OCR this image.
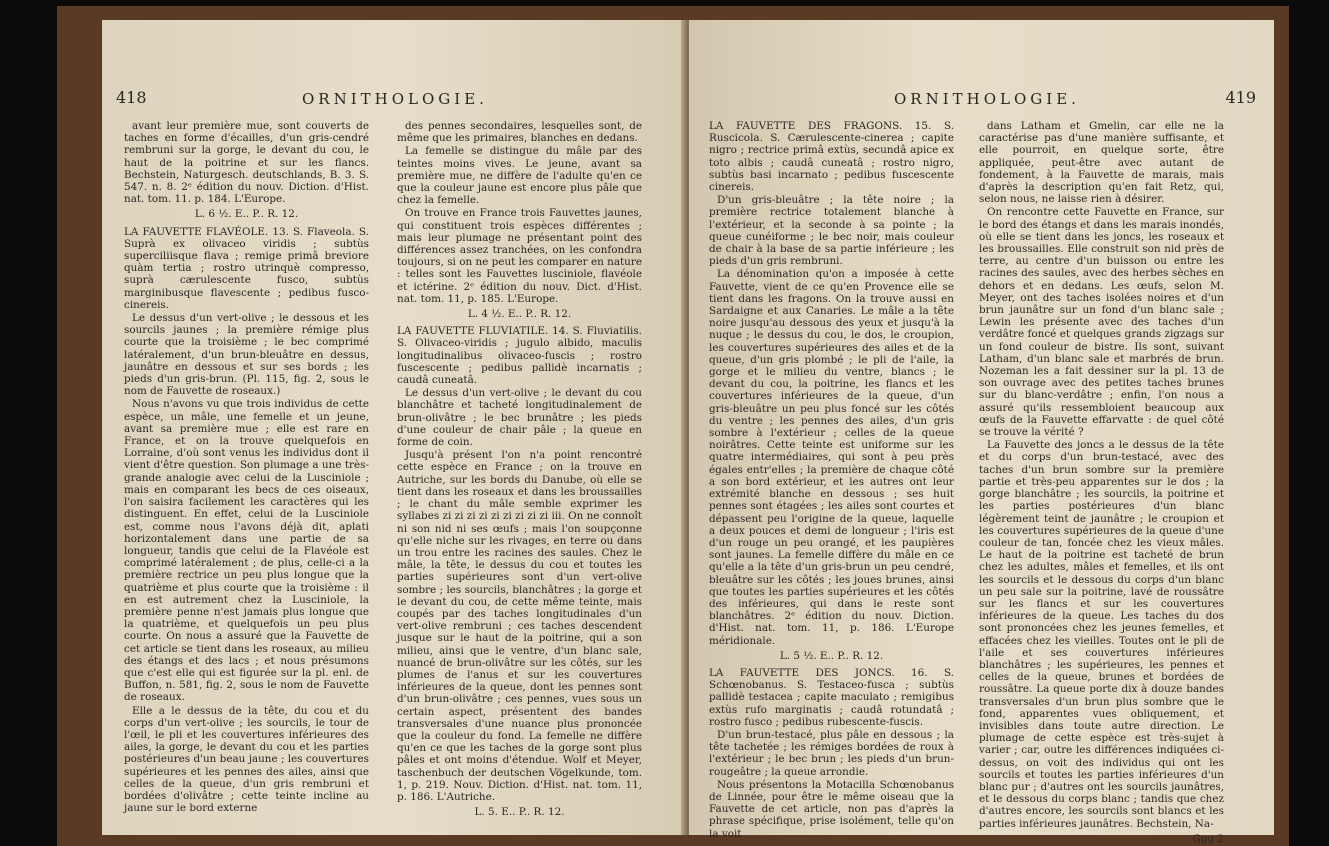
418	ORNITHOLOGIE.

avant leur première mue, sont couverts de taches en forme d'écailles, d'un gris-cendré rembruni sur la gorge, le devant du cou, le haut de la poitrine et sur les flancs. Bechstein, Naturgesch. deutschlands, B. 3. S. 547. n. 8. 2ᵉ édition du nouv. Diction. d'Hist. nat. tom. 11. p. 184. L'Europe.

L. 6 ½. E.. P.. R. 12.

LA FAUVETTE FLAVÉOLE. 13. S. Flaveola. S. Suprà ex olivaceo viridis ; subtùs superciliisque flava ; remige primâ breviore quàm tertia ; rostro utrinquè compresso, suprà cærulescente fusco, subtùs marginibusque flavescente ; pedibus fusco-cinereis.

Le dessus d'un vert-olive ; le dessous et les sourcils jaunes ; la première rémige plus courte que la troisième ; le bec comprimé latéralement, d'un brun-bleuâtre en dessus, jaunâtre en dessous et sur ses bords ; les pieds d'un gris-brun. (Pl. 115, fig. 2, sous le nom de Fauvette de roseaux.)

Nous n'avons vu que trois individus de cette espèce, un mâle, une femelle et un jeune, avant sa première mue ; elle est rare en France, et on la trouve quelquefois en Lorraine, d'où sont venus les individus dont il vient d'être question. Son plumage a une très-grande analogie avec celui de la Lusciniole ; mais en comparant les becs de ces oiseaux, l'on saisira facilement les caractères qui les distinguent. En effet, celui de la Lusciniole est, comme nous l'avons déjà dit, aplati horizontalement dans une partie de sa longueur, tandis que celui de la Flavéole est comprimé latéralement ; de plus, celle-ci a la première rectrice un peu plus longue que la quatrième et plus courte que la troisième : il en est autrement chez la Lusciniole, la première penne n'est jamais plus longue que la quatrième, et quelquefois un peu plus courte. On nous a assuré que la Fauvette de cet article se tient dans les roseaux, au milieu des étangs et des lacs ; et nous présumons que c'est elle qui est figurée sur la pl. enl. de Buffon, n. 581, fig. 2, sous le nom de Fauvette de roseaux.

Elle a le dessus de la tête, du cou et du corps d'un vert-olive ; les sourcils, le tour de l'œil, le pli et les couvertures inférieures des ailes, la gorge, le devant du cou et les parties postérieures d'un beau jaune ; les couvertures supérieures et les pennes des ailes, ainsi que celles de la queue, d'un gris rembruni et bordées d'olivâtre ; cette teinte incline au jaune sur le bord externe

des pennes secondaires, lesquelles sont, de même que les primaires, blanches en dedans.

La femelle se distingue du mâle par des teintes moins vives. Le jeune, avant sa première mue, ne diffère de l'adulte qu'en ce que la couleur jaune est encore plus pâle que chez la femelle.

On trouve en France trois Fauvettes jaunes, qui constituent trois espèces différentes ; mais leur plumage ne présentant point des différences assez tranchées, on les confondra toujours, si on ne peut les comparer en nature : telles sont les Fauvettes lusciniole, flavéole et ictérine. 2ᵉ édition du nouv. Dict. d'Hist. nat. tom. 11, p. 185. L'Europe.

L. 4 ½. E.. P.. R. 12.

LA FAUVETTE FLUVIATILE. 14. S. Fluviatilis. S. Olivaceo-viridis ; jugulo albido, maculis longitudinalibus olivaceo-fuscis ; rostro fuscescente ; pedibus pallidè incarnatis ; caudâ cuneatâ.

Le dessus d'un vert-olive ; le devant du cou blanchâtre et tacheté longitudinalement de brun-olivâtre ; le bec brunâtre ; les pieds d'une couleur de chair pâle ; la queue en forme de coin.

Jusqu'à présent l'on n'a point rencontré cette espèce en France ; on la trouve en Autriche, sur les bords du Danube, où elle se tient dans les roseaux et dans les broussailles ; le chant du mâle semble exprimer les syllabes zi zi zi zi zi zi zi zi zi iii. On ne connoît ni son nid ni ses œufs ; mais l'on soupçonne qu'elle niche sur les rivages, en terre ou dans un trou entre les racines des saules. Chez le mâle, la tête, le dessus du cou et toutes les parties supérieures sont d'un vert-olive sombre ; les sourcils, blanchâtres ; la gorge et le devant du cou, de cette même teinte, mais coupés par des taches longitudinales d'un vert-olive rembruni ; ces taches descendent jusque sur le haut de la poitrine, qui a son milieu, ainsi que le ventre, d'un blanc sale, nuancé de brun-olivâtre sur les côtés, sur les plumes de l'anus et sur les couvertures inférieures de la queue, dont les pennes sont d'un brun-olivâtre ; ces pennes, vues sous un certain aspect, présentent des bandes transversales d'une nuance plus prononcée que la couleur du fond. La femelle ne diffère qu'en ce que les taches de la gorge sont plus pâles et ont moins d'étendue. Wolf et Meyer, taschenbuch der deutschen Vögelkunde, tom. 1, p. 219. Nouv. Diction. d'Hist. nat. tom. 11, p. 186. L'Autriche.

L. 5. E.. P.. R. 12.

ORNITHOLOGIE.	419

LA FAUVETTE DES FRAGONS. 15. S. Ruscicola. S. Cærulescente-cinerea ; capite nigro ; rectrice primâ extùs, secundâ apice ex toto albis ; caudâ cuneatâ ; rostro nigro, subtùs basi incarnato ; pedibus fuscescente cinereis.

D'un gris-bleuâtre ; la tête noire ; la première rectrice totalement blanche à l'extérieur, et la seconde à sa pointe ; la queue cunéiforme ; le bec noir, mais couleur de chair à la base de sa partie inférieure ; les pieds d'un gris rembruni.

La dénomination qu'on a imposée à cette Fauvette, vient de ce qu'en Provence elle se tient dans les fragons. On la trouve aussi en Sardaigne et aux Canaries. Le mâle a la tête noire jusqu'au dessous des yeux et jusqu'à la nuque ; le dessus du cou, le dos, le croupion, les couvertures supérieures des ailes et de la queue, d'un gris plombé ; le pli de l'aile, la gorge et le milieu du ventre, blancs ; le devant du cou, la poitrine, les flancs et les couvertures inférieures de la queue, d'un gris-bleuâtre un peu plus foncé sur les côtés du ventre ; les pennes des ailes, d'un gris sombre à l'extérieur ; celles de la queue noirâtres. Cette teinte est uniforme sur les quatre intermédiaires, qui sont à peu près égales entr'elles ; la première de chaque côté a son bord extérieur, et les autres ont leur extrémité blanche en dessous ; ses huit pennes sont étagées ; les ailes sont courtes et dépassent peu l'origine de la queue, laquelle a deux pouces et demi de longueur ; l'iris est d'un rouge un peu orangé, et les paupières sont jaunes. La femelle diffère du mâle en ce qu'elle a la tête d'un gris-brun un peu cendré, bleuâtre sur les côtés ; les joues brunes, ainsi que toutes les parties supérieures et les côtés des inférieures, qui dans le reste sont blanchâtres. 2ᵉ édition du nouv. Diction. d'Hist. nat. tom. 11, p. 186. L'Europe méridionale.

L. 5 ½. E.. P.. R. 12.

LA FAUVETTE DES JONCS. 16. S. Schœnobanus. S. Testaceo-fusca ; subtùs pallidè testacea ; capite maculato ; remigibus extùs rufo marginatis ; caudâ rotundatâ ; rostro fusco ; pedibus rubescente-fuscis.

D'un brun-testacé, plus pâle en dessous ; la tête tachetée ; les rémiges bordées de roux à l'extérieur ; le bec brun ; les pieds d'un brun-rougeâtre ; la queue arrondie.

Nous présentons la Motacilla Schœnobanus de Linnée, pour être le même oiseau que la Fauvette de cet article, non pas d'après la phrase spécifique, prise isolément, telle qu'on la voit

dans Latham et Gmelin, car elle ne la caractérise pas d'une manière suffisante, et elle pourroit, en quelque sorte, être appliquée, peut-être avec autant de fondement, à la Fauvette de marais, mais d'après la description qu'en fait Retz, qui, selon nous, ne laisse rien à désirer.

On rencontre cette Fauvette en France, sur le bord des étangs et dans les marais inondés, où elle se tient dans les joncs, les roseaux et les broussailles. Elle construit son nid près de terre, au centre d'un buisson ou entre les racines des saules, avec des herbes sèches en dehors et en dedans. Les œufs, selon M. Meyer, ont des taches isolées noires et d'un brun jaunâtre sur un fond d'un blanc sale ; Lewin les présente avec des taches d'un verdâtre foncé et quelques grands zigzags sur un fond couleur de bistre. Ils sont, suivant Latham, d'un blanc sale et marbrés de brun. Nozeman les a fait dessiner sur la pl. 13 de son ouvrage avec des petites taches brunes sur du blanc-verdâtre ; enfin, l'on nous a assuré qu'ils ressembloient beaucoup aux œufs de la Fauvette effarvatte : de quel côté se trouve la vérité ?

La Fauvette des joncs a le dessus de la tête et du corps d'un brun-testacé, avec des taches d'un brun sombre sur la première partie et très-peu apparentes sur le dos ; la gorge blanchâtre ; les sourcils, la poitrine et les parties postérieures d'un blanc légèrement teint de jaunâtre ; le croupion et les couvertures supérieures de la queue d'une couleur de tan, foncée chez les vieux mâles. Le haut de la poitrine est tacheté de brun chez les adultes, mâles et femelles, et ils ont les sourcils et le dessous du corps d'un blanc un peu sale sur la poitrine, lavé de roussâtre sur les flancs et sur les couvertures inférieures de la queue. Les taches du dos sont prononcées chez les jeunes femelles, et effacées chez les vieilles. Toutes ont le pli de l'aile et ses couvertures inférieures blanchâtres ; les supérieures, les pennes et celles de la queue, brunes et bordées de roussâtre. La queue porte dix à douze bandes transversales d'un brun plus sombre que le fond, apparentes vues obliquement, et invisibles dans toute autre direction. Le plumage de cette espèce est très-sujet à varier ; car, outre les différences indiquées ci-dessus, on voit des individus qui ont les sourcils et toutes les parties inférieures d'un blanc pur ; d'autres ont les sourcils jaunâtres, et le dessous du corps blanc ; tandis que chez d'autres encore, les sourcils sont blancs et les parties inférieures jaunâtres. Bechstein, Na-

Ggg 2
